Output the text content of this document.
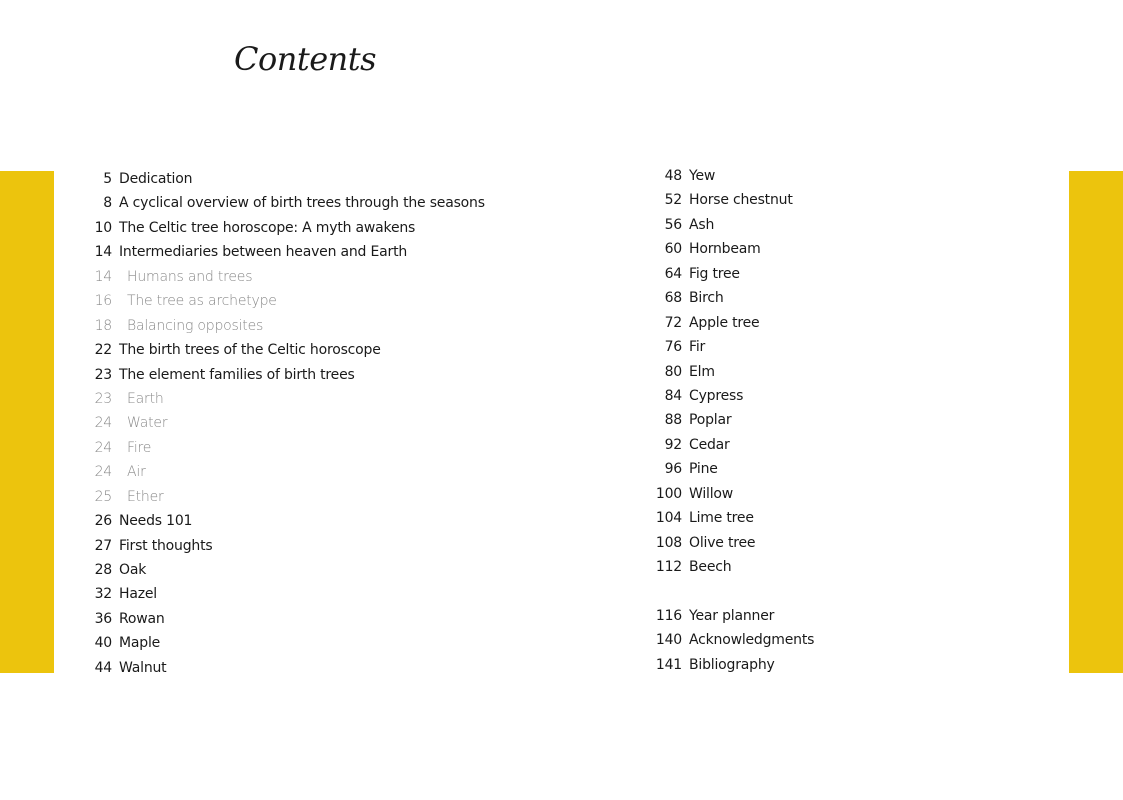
Contents
5 Dedication
8 A cyclical overview of birth trees through the seasons
10 The Celtic tree horoscope: A myth awakens
14 Intermediaries between heaven and Earth
14 Humans and trees
16 The tree as archetype
18 Balancing opposites
22 The birth trees of the Celtic horoscope
23 The element families of birth trees
23 Earth
24 Water
24 Fire
24 Air
25 Ether
26 Needs 101
27 First thoughts
28 Oak
32 Hazel
36 Rowan
40 Maple
44 Walnut
48 Yew
52 Horse chestnut
56 Ash
60 Hornbeam
64 Fig tree
68 Birch
72 Apple tree
76 Fir
80 Elm
84 Cypress
88 Poplar
92 Cedar
96 Pine
100 Willow
104 Lime tree
108 Olive tree
112 Beech
116 Year planner
140 Acknowledgments
141 Bibliography
